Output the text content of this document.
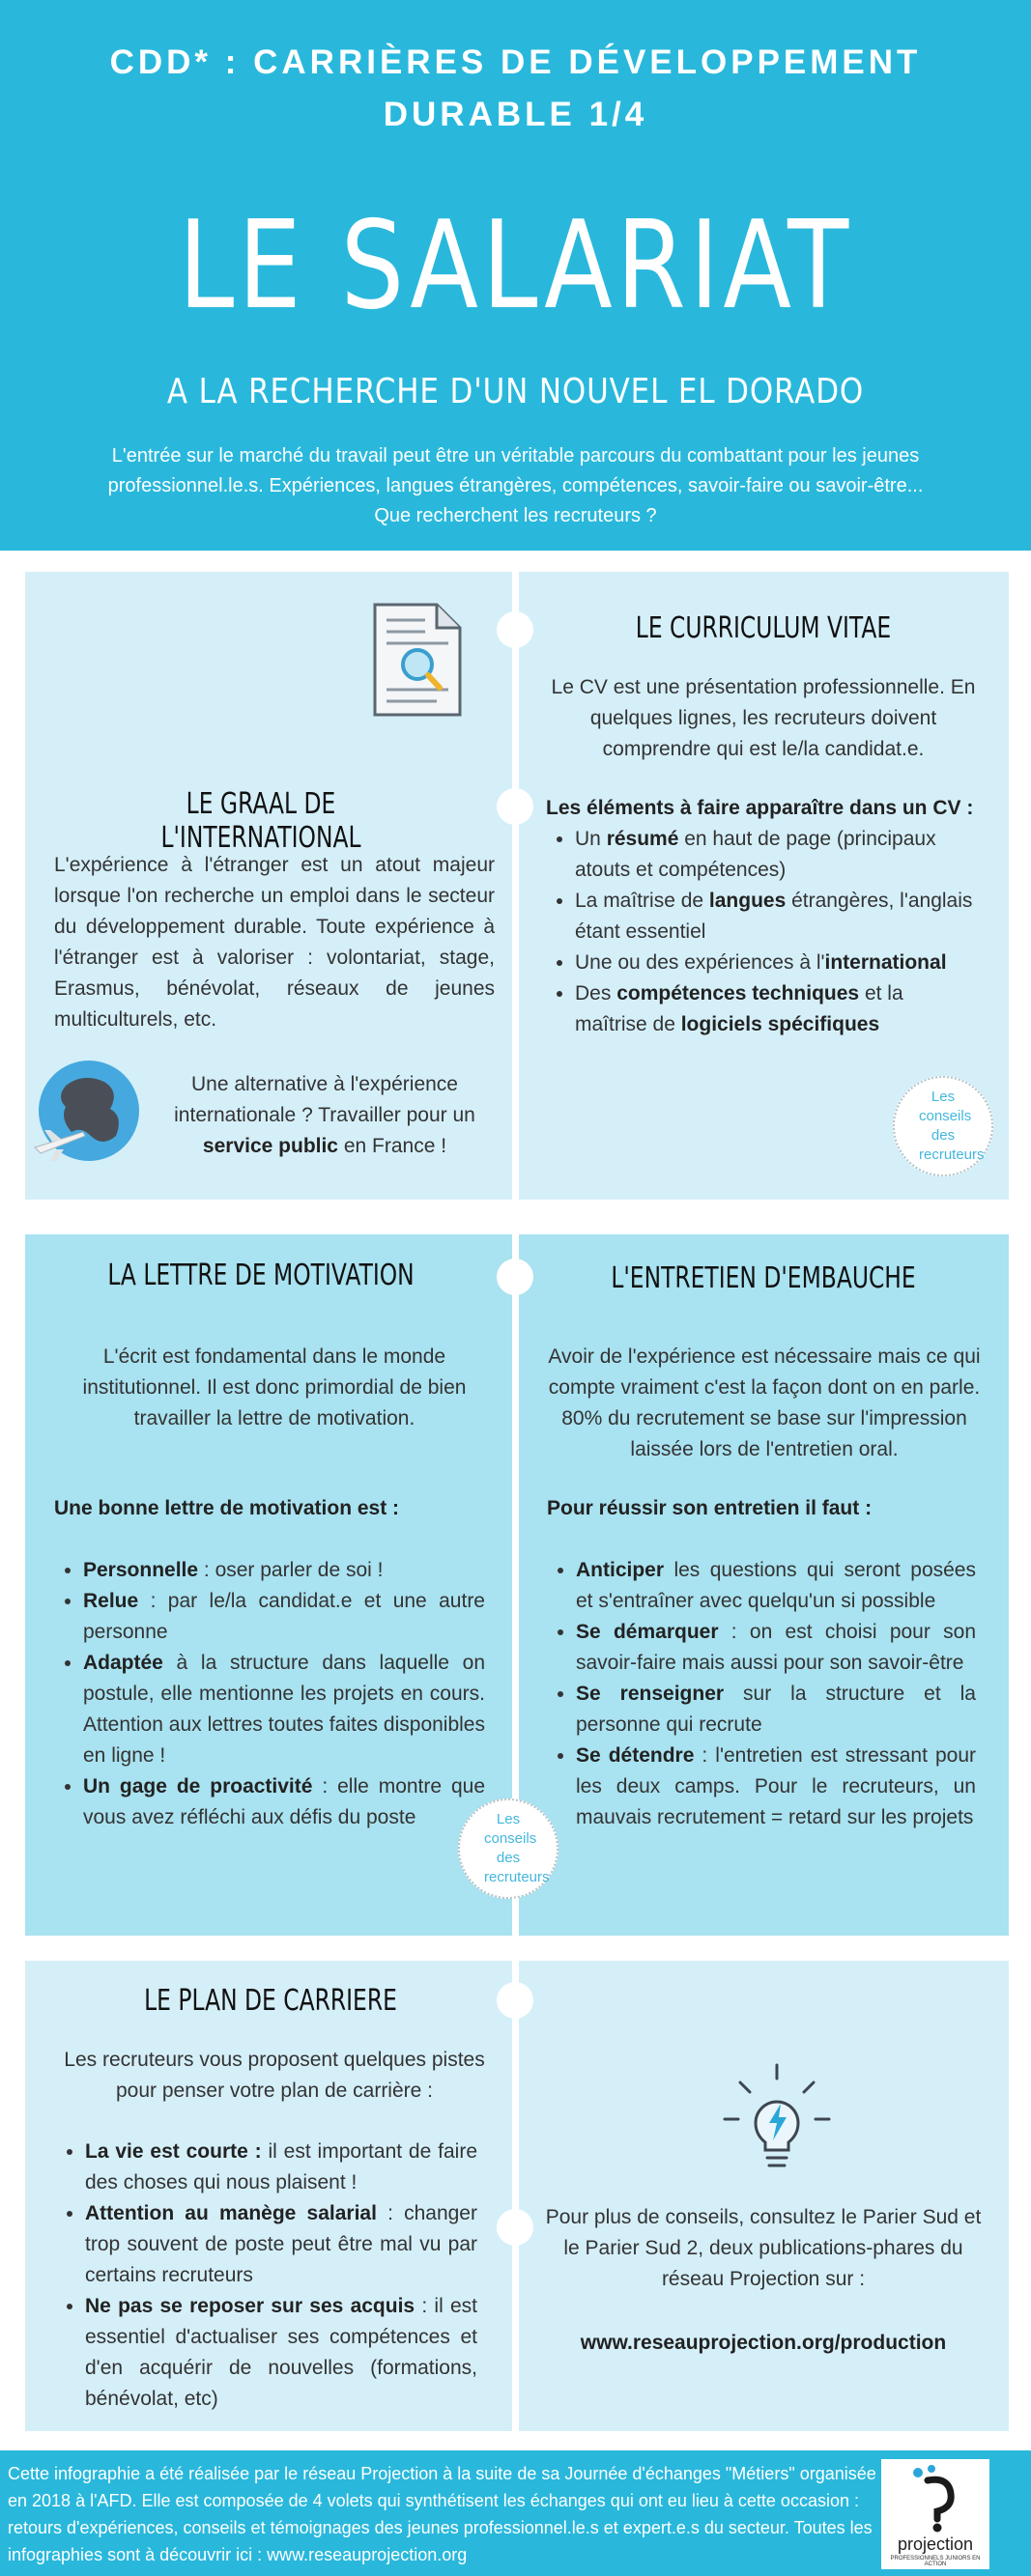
CDD* : CARRIÈRES DE DÉVELOPPEMENT
DURABLE 1/4
LE SALARIAT
A LA RECHERCHE D'UN NOUVEL EL DORADO
L'entrée sur le marché du travail peut être un véritable parcours du combattant pour les jeunes professionnel.le.s. Expériences, langues étrangères, compétences, savoir-faire ou savoir-être... Que recherchent les recruteurs ?
LE GRAAL DE L'INTERNATIONAL
L'expérience à l'étranger est un atout majeur lorsque l'on recherche un emploi dans le secteur du développement durable. Toute expérience à l'étranger est à valoriser : volontariat, stage, Erasmus, bénévolat, réseaux de jeunes multiculturels, etc.
Une alternative à l'expérience internationale ? Travailler pour un service public en France !
LE CURRICULUM VITAE
Le CV est une présentation professionnelle. En quelques lignes, les recruteurs doivent comprendre qui est le/la candidat.e.
Les éléments à faire apparaître dans un CV :
• Un résumé en haut de page (principaux atouts et compétences)
• La maîtrise de langues étrangères, l'anglais étant essentiel
• Une ou des expériences à l'international
• Des compétences techniques et la maîtrise de logiciels spécifiques
Les conseils des recruteurs
LA LETTRE DE MOTIVATION
L'écrit est fondamental dans le monde institutionnel. Il est donc primordial de bien travailler la lettre de motivation.
Une bonne lettre de motivation est :
• Personnelle : oser parler de soi !
• Relue : par le/la candidat.e et une autre personne
• Adaptée à la structure dans laquelle on postule, elle mentionne les projets en cours. Attention aux lettres toutes faites disponibles en ligne !
• Un gage de proactivité : elle montre que vous avez réfléchi aux défis du poste
L'ENTRETIEN D'EMBAUCHE
Avoir de l'expérience est nécessaire mais ce qui compte vraiment c'est la façon dont on en parle. 80% du recrutement se base sur l'impression laissée lors de l'entretien oral.
Pour réussir son entretien il faut :
• Anticiper les questions qui seront posées et s'entraîner avec quelqu'un si possible
• Se démarquer : on est choisi pour son savoir-faire mais aussi pour son savoir-être
• Se renseigner sur la structure et la personne qui recrute
• Se détendre : l'entretien est stressant pour les deux camps. Pour le recruteurs, un mauvais recrutement = retard sur les projets
Les conseils des recruteurs
LE PLAN DE CARRIERE
Les recruteurs vous proposent quelques pistes pour penser votre plan de carrière :
• La vie est courte : il est important de faire des choses qui nous plaisent !
• Attention au manège salarial : changer trop souvent de poste peut être mal vu par certains recruteurs
• Ne pas se reposer sur ses acquis : il est essentiel d'actualiser ses compétences et d'en acquérir de nouvelles (formations, bénévolat, etc)
Pour plus de conseils, consultez le Parier Sud et le Parier Sud 2, deux publications-phares du réseau Projection sur :
www.reseauprojection.org/production
Cette infographie a été réalisée par le réseau Projection à la suite de sa Journée d'échanges "Métiers" organisée en 2018 à l'AFD. Elle est composée de 4 volets qui synthétisent les échanges qui ont eu lieu à cette occasion : retours d'expériences, conseils et témoignages des jeunes professionnel.le.s et expert.e.s du secteur. Toutes les infographies sont à découvrir ici : www.reseauprojection.org
projection
PROFESSIONNELS JUNIORS EN ACTION
